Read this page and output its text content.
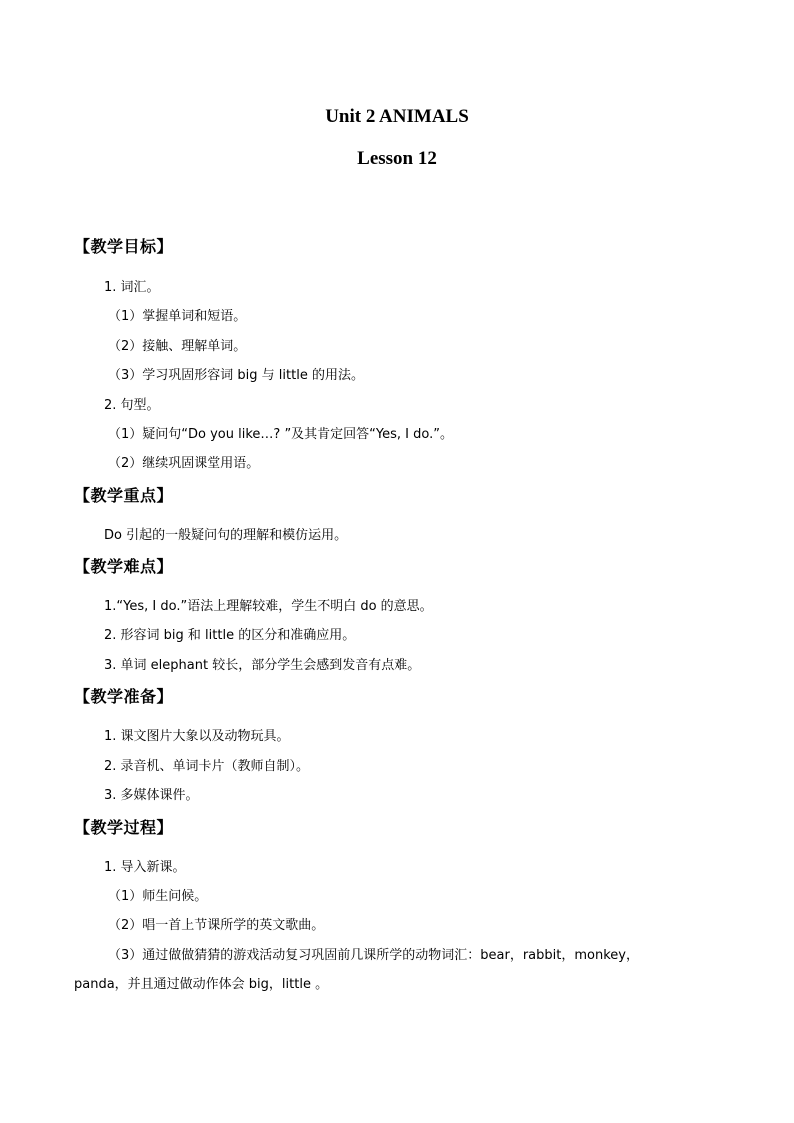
Unit 2 ANIMALS
Lesson 12
【教学目标】
1. 词汇。
（1）掌握单词和短语。
（2）接触、理解单词。
（3）学习巩固形容词 big 与 little 的用法。
2. 句型。
（1）疑问句“Do you like…? ”及其肯定回答“Yes, I do.”。
（2）继续巩固课堂用语。
【教学重点】
Do 引起的一般疑问句的理解和模仿运用。
【教学难点】
1.“Yes, I do.”语法上理解较难，学生不明白 do 的意思。
2. 形容词 big 和 little 的区分和准确应用。
3. 单词 elephant 较长，部分学生会感到发音有点难。
【教学准备】
1. 课文图片大象以及动物玩具。
2. 录音机、单词卡片（教师自制）。
3. 多媒体课件。
【教学过程】
1. 导入新课。
（1）师生问候。
（2）唱一首上节课所学的英文歌曲。
（3）通过做做猜猜的游戏活动复习巩固前几课所学的动物词汇：bear，rabbit，monkey，
panda，并且通过做动作体会 big，little 。
